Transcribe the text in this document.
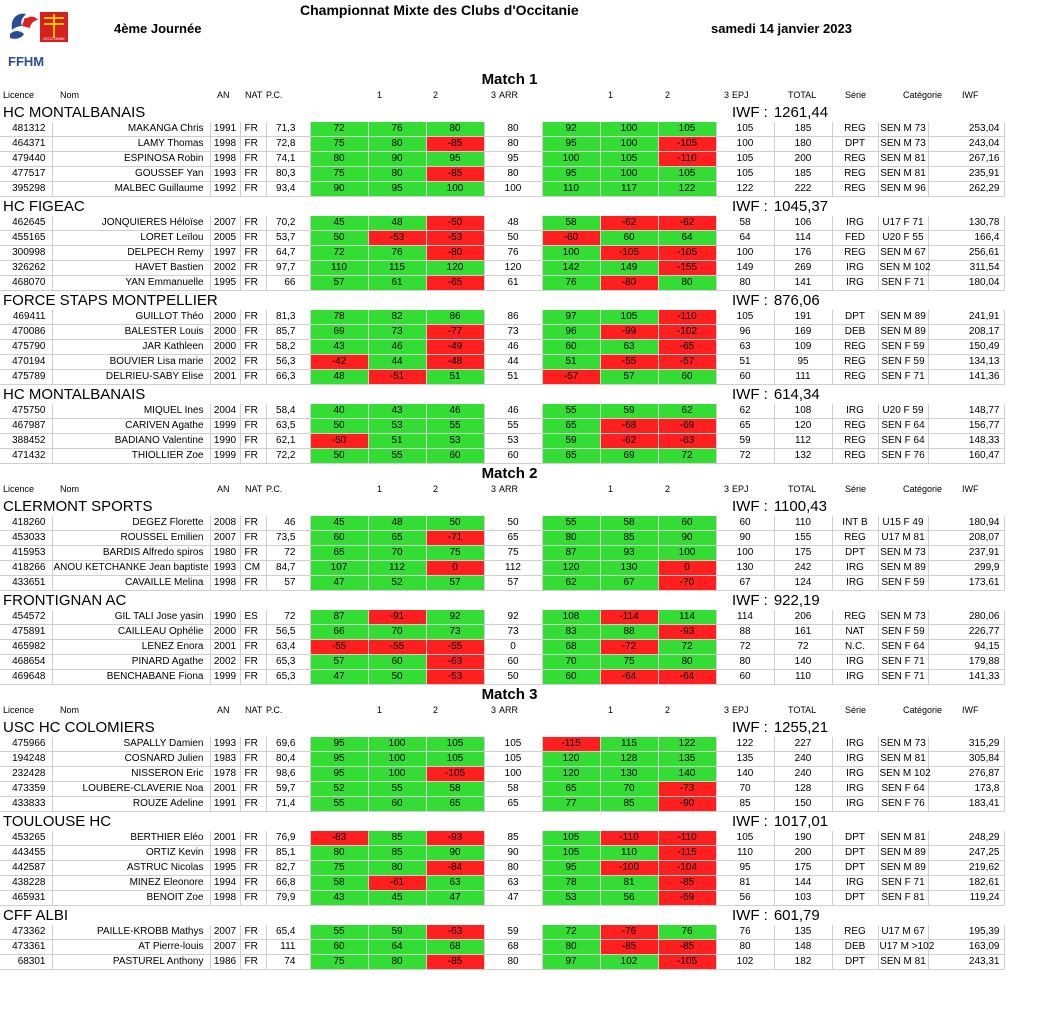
OCCITANIE
FFHM
Championnat Mixte des Clubs d'Occitanie
4ème Journée	samedi 14 janvier 2023
Match 1
Licence	Nom	AN NAT P.C.	1	2	3 ARR	1	2	3 EPJ	TOTAL	Série	Catégorie IWF
HC MONTALBANAIS	IWF : 1261,44
481312	MAKANGA Chris	1991	FR	71,3	72	76	80	80	92	100	105	105	185	REG	SEN M 73	253,04
464371	LAMY Thomas	1998	FR	72,8	75	80	-85	80	95	100	-105	100	180	DPT	SEN M 73	243,04
479440	ESPINOSA Robin	1998	FR	74,1	80	90	95	95	100	105	-110	105	200	REG	SEN M 81	267,16
477517	GOUSSEF Yan	1993	FR	80,3	75	80	-85	80	95	100	105	105	185	REG	SEN M 81	235,91
395298	MALBEC Guillaume	1992	FR	93,4	90	95	100	100	110	117	122	122	222	REG	SEN M 96	262,29
HC FIGEAC	IWF : 1045,37
462645	JONQUIERES Héloïse	2007	FR	70,2	45	48	-50	48	58	-62	-62	58	106	IRG	U17 F 71	130,78
455165	LORET Leïlou	2005	FR	53,7	50	-53	-53	50	-60	60	64	64	114	FED	U20 F 55	166,4
300998	DELPECH Remy	1997	FR	64,7	72	76	-80	76	100	-105	-105	100	176	REG	SEN M 67	256,61
326262	HAVET Bastien	2002	FR	97,7	110	115	120	120	142	149	-155	149	269	IRG	SEN M 102	311,54
468070	YAN Emmanuelle	1995	FR	66	57	61	-65	61	76	-80	80	80	141	IRG	SEN F 71	180,04
FORCE STAPS MONTPELLIER	IWF : 876,06
469411	GUILLOT Théo	2000	FR	81,3	78	82	86	86	97	105	-110	105	191	DPT	SEN M 89	241,91
470086	BALESTER Louis	2000	FR	85,7	69	73	-77	73	96	-99	-102	96	169	DEB	SEN M 89	208,17
475790	JAR Kathleen	2000	FR	58,2	43	46	-49	46	60	63	-65	63	109	REG	SEN F 59	150,49
470194	BOUVIER Lisa marie	2002	FR	56,3	-42	44	-48	44	51	-55	-57	51	95	REG	SEN F 59	134,13
475789	DELRIEU-SABY Elise	2001	FR	66,3	48	-51	51	51	-57	57	60	60	111	REG	SEN F 71	141,36
HC MONTALBANAIS	IWF : 614,34
475750	MIQUEL Ines	2004	FR	58,4	40	43	46	46	55	59	62	62	108	IRG	U20 F 59	148,77
467987	CARIVEN Agathe	1999	FR	63,5	50	53	55	55	65	-68	-69	65	120	REG	SEN F 64	156,77
388452	BADIANO Valentine	1990	FR	62,1	-50	51	53	53	59	-62	-63	59	112	REG	SEN F 64	148,33
471432	THIOLLIER Zoe	1999	FR	72,2	50	55	60	60	65	69	72	72	132	REG	SEN F 76	160,47
Match 2
Licence	Nom	AN NAT P.C.	1	2	3 ARR	1	2	3 EPJ	TOTAL	Série	Catégorie IWF
CLERMONT SPORTS	IWF : 1100,43
418260	DEGEZ Florette	2008	FR	46	45	48	50	50	55	58	60	60	110	INT B	U15 F 49	180,94
453033	ROUSSEL Emilien	2007	FR	73,5	60	65	-71	65	80	85	90	90	155	REG	U17 M 81	208,07
415953	BARDIS Alfredo spiros	1980	FR	72	65	70	75	75	87	93	100	100	175	DPT	SEN M 73	237,91
418266	ANOU KETCHANKE Jean baptiste	1993	CM	84,7	107	112	0	112	120	130	0	130	242	IRG	SEN M 89	299,9
433651	CAVAILLE Melina	1998	FR	57	47	52	57	57	62	67	-70	67	124	IRG	SEN F 59	173,61
FRONTIGNAN AC	IWF : 922,19
454572	GIL TALI Jose yasin	1990	ES	72	87	-91	92	92	108	-114	114	114	206	REG	SEN M 73	280,06
475891	CAILLEAU Ophélie	2000	FR	56,5	66	70	73	73	83	88	-93	88	161	NAT	SEN F 59	226,77
465982	LENEZ Enora	2001	FR	63,4	-55	-55	-55	0	68	-72	72	72	72	N.C.	SEN F 64	94,15
468654	PINARD Agathe	2002	FR	65,3	57	60	-63	60	70	75	80	80	140	IRG	SEN F 71	179,88
469648	BENCHABANE Fiona	1999	FR	65,3	47	50	-53	50	60	-64	-64	60	110	IRG	SEN F 71	141,33
Match 3
Licence	Nom	AN NAT P.C.	1	2	3 ARR	1	2	3 EPJ	TOTAL	Série	Catégorie IWF
USC HC COLOMIERS	IWF : 1255,21
475966	SAPALLY Damien	1993	FR	69,6	95	100	105	105	-115	115	122	122	227	IRG	SEN M 73	315,29
194248	COSNARD Julien	1983	FR	80,4	95	100	105	105	120	128	135	135	240	IRG	SEN M 81	305,84
232428	NISSERON Eric	1978	FR	98,6	95	100	-105	100	120	130	140	140	240	IRG	SEN M 102	276,87
473359	LOUBERE-CLAVERIE Noa	2001	FR	59,7	52	55	58	58	65	70	-73	70	128	IRG	SEN F 64	173,8
433833	ROUZE Adeline	1991	FR	71,4	55	60	65	65	77	85	-90	85	150	IRG	SEN F 76	183,41
TOULOUSE HC	IWF : 1017,01
453265	BERTHIER Eléo	2001	FR	76,9	-83	85	-93	85	105	-110	-110	105	190	DPT	SEN M 81	248,29
443455	ORTIZ Kevin	1998	FR	85,1	80	85	90	90	105	110	-115	110	200	DPT	SEN M 89	247,25
442587	ASTRUC Nicolas	1995	FR	82,7	75	80	-84	80	95	-100	-104	95	175	DPT	SEN M 89	219,62
438228	MINEZ Eleonore	1994	FR	66,8	58	-61	63	63	78	81	-85	81	144	IRG	SEN F 71	182,61
465931	BENOIT Zoe	1998	FR	79,9	43	45	47	47	53	56	-59	56	103	DPT	SEN F 81	119,24
CFF ALBI	IWF : 601,79
473362	PAILLE-KROBB Mathys	2007	FR	65,4	55	59	-63	59	72	-76	76	76	135	REG	U17 M 67	195,39
473361	AT Pierre-louis	2007	FR	111	60	64	68	68	80	-85	-85	80	148	DEB	U17 M >102	163,09
68301	PASTUREL Anthony	1986	FR	74	75	80	-85	80	97	102	-105	102	182	DPT	SEN M 81	243,31
